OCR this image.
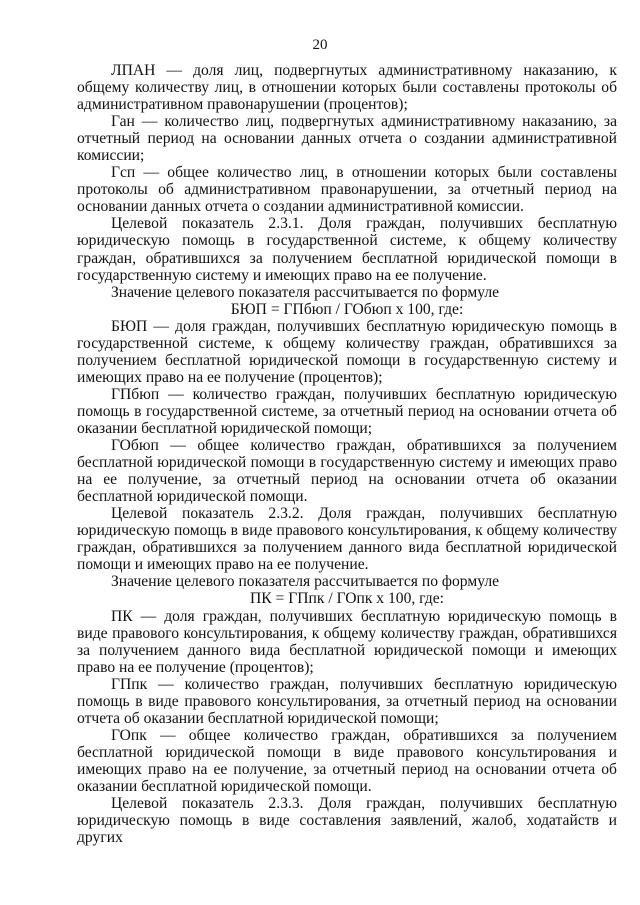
20

ЛПАН — доля лиц, подвергнутых административному наказанию, к общему количеству лиц, в отношении которых были составлены протоколы об административном правонарушении (процентов);

Ган — количество лиц, подвергнутых административному наказанию, за отчетный период на основании данных отчета о создании административной комиссии;

Гсп — общее количество лиц, в отношении которых были составлены протоколы об административном правонарушении, за отчетный период на основании данных отчета о создании административной комиссии.

Целевой показатель 2.3.1. Доля граждан, получивших бесплатную юридическую помощь в государственной системе, к общему количеству граждан, обратившихся за получением бесплатной юридической помощи в государственную систему и имеющих право на ее получение.

Значение целевого показателя рассчитывается по формуле

БЮП = ГПбюп / ГОбюп x 100, где:

БЮП — доля граждан, получивших бесплатную юридическую помощь в государственной системе, к общему количеству граждан, обратившихся за получением бесплатной юридической помощи в государственную систему и имеющих право на ее получение (процентов);

ГПбюп — количество граждан, получивших бесплатную юридическую помощь в государственной системе, за отчетный период на основании отчета об оказании бесплатной юридической помощи;

ГОбюп — общее количество граждан, обратившихся за получением бесплатной юридической помощи в государственную систему и имеющих право на ее получение, за отчетный период на основании отчета об оказании бесплатной юридической помощи.

Целевой показатель 2.3.2. Доля граждан, получивших бесплатную юридическую помощь в виде правового консультирования, к общему количеству граждан, обратившихся за получением данного вида бесплатной юридической помощи и имеющих право на ее получение.

Значение целевого показателя рассчитывается по формуле

ПК = ГПпк / ГОпк x 100, где:

ПК — доля граждан, получивших бесплатную юридическую помощь в виде правового консультирования, к общему количеству граждан, обратившихся за получением данного вида бесплатной юридической помощи и имеющих право на ее получение (процентов);

ГПпк — количество граждан, получивших бесплатную юридическую помощь в виде правового консультирования, за отчетный период на основании отчета об оказании бесплатной юридической помощи;

ГОпк — общее количество граждан, обратившихся за получением бесплатной юридической помощи в виде правового консультирования и имеющих право на ее получение, за отчетный период на основании отчета об оказании бесплатной юридической помощи.

Целевой показатель 2.3.3. Доля граждан, получивших бесплатную юридическую помощь в виде составления заявлений, жалоб, ходатайств и других
